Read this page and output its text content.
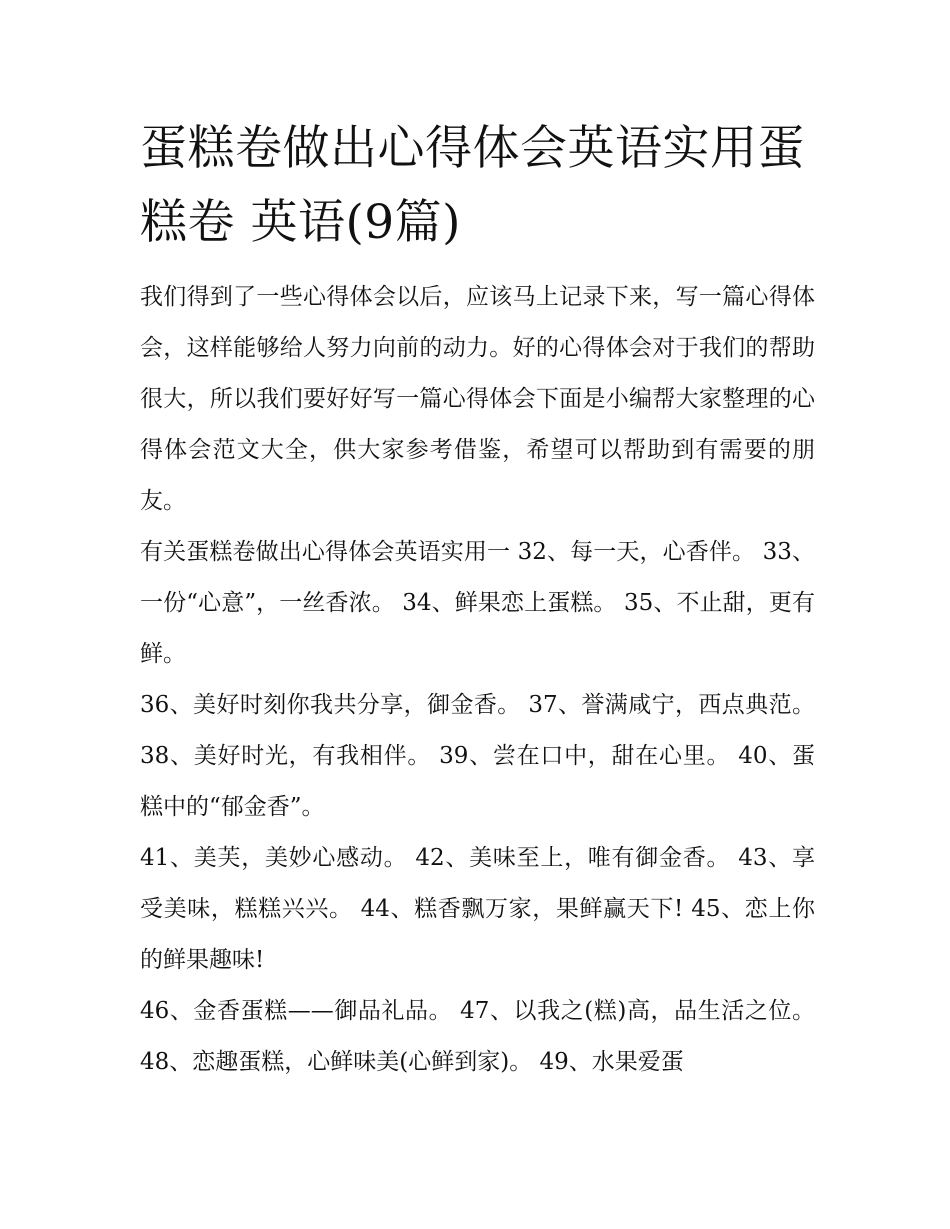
蛋糕卷做出心得体会英语实用蛋糕卷 英语(9篇)

我们得到了一些心得体会以后，应该马上记录下来，写一篇心得体会，这样能够给人努力向前的动力。好的心得体会对于我们的帮助很大，所以我们要好好写一篇心得体会下面是小编帮大家整理的心得体会范文大全，供大家参考借鉴，希望可以帮助到有需要的朋友。

有关蛋糕卷做出心得体会英语实用一 32、每一天，心香伴。 33、一份“心意”，一丝香浓。 34、鲜果恋上蛋糕。 35、不止甜，更有鲜。

36、美好时刻你我共分享，御金香。 37、誉满咸宁，西点典范。 38、美好时光，有我相伴。 39、尝在口中，甜在心里。 40、蛋糕中的“郁金香”。

41、美芙，美妙心感动。 42、美味至上，唯有御金香。 43、享受美味，糕糕兴兴。 44、糕香飘万家，果鲜赢天下! 45、恋上你的鲜果趣味!

46、金香蛋糕——御品礼品。 47、以我之(糕)高，品生活之位。 48、恋趣蛋糕，心鲜味美(心鲜到家)。 49、水果爱蛋
